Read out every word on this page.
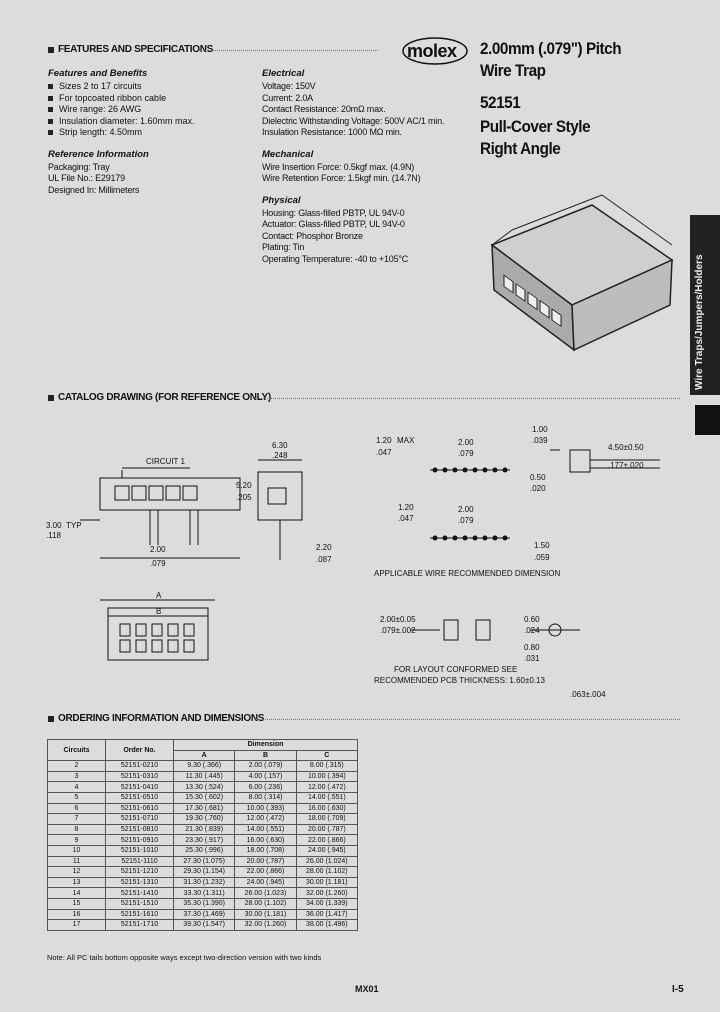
FEATURES AND SPECIFICATIONS	molex 2.00mm (.079") Pitch
Wire Trap
52151
Pull-Cover Style
Right Angle
Features and Benefits
Sizes 2 to 17 circuits
For topcoated ribbon cable
Wire range: 26 AWG
Insulation diameter: 1.60mm max.
Strip length: 4.50mm
Reference Information
Packaging: Tray
UL File No.: E29179
Designed In: Millimeters
Electrical
Voltage: 150V
Current: 2.0A
Contact Resistance: 20mΩ max.
Dielectric Withstanding Voltage: 500V AC/1 min.
Insulation Resistance: 1000 MΩ min.
Mechanical
Wire Insertion Force: 0.5kgf max. (4.9N)
Wire Retention Force: 1.5kgf min. (14.7N)
Physical
Housing: Glass-filled PBTP, UL 94V-0
Actuator: Glass-filled PBTP, UL 94V-0
Contact: Phosphor Bronze
Plating: Tin
Operating Temperature: -40 to +105°C	Wire Traps/Jumpers/Holders
CATALOG DRAWING (FOR REFERENCE ONLY)
CIRCUIT 1
3.00 TYP
.118
2.00
.079
6.30
.248
5.20
.205
2.20
.087
A
B
1.20 MAX
.047
2.00
.079
1.00
.039
4.50±0.50
.177±.020
0.50
.020
1.20
.047
2.00
.079
1.50
.059
APPLICABLE WIRE RECOMMENDED DIMENSION
2.00±0.05
.079±.002
0.60
.024
0.80
.031
FOR LAYOUT CONFORMED SEE
RECOMMENDED PCB THICKNESS: 1.60±0.13
.063±.004
ORDERING INFORMATION AND DIMENSIONS
Circuits	Order No.	Dimension		
		A	B	C
2	52151-0210	9.30 (.366)	2.00 (.079)	8.00 (.315)
3	52151-0310	11.30 (.445)	4.00 (.157)	10.00 (.394)
4	52151-0410	13.30 (.524)	6.00 (.236)	12.00 (.472)
5	52151-0510	15.30 (.602)	8.00 (.314)	14.00 (.551)
6	52151-0610	17.30 (.681)	10.00 (.393)	16.00 (.630)
7	52151-0710	19.30 (.760)	12.00 (.472)	18.00 (.709)
8	52151-0810	21.30 (.839)	14.00 (.551)	20.00 (.787)
9	52151-0910	23.30 (.917)	16.00 (.630)	22.00 (.866)
10	52151-1010	25.30 (.996)	18.00 (.708)	24.00 (.945)
11	52151-1110	27.30 (1.075)	20.00 (.787)	26.00 (1.024)
12	52151-1210	29.30 (1.154)	22.00 (.866)	28.00 (1.102)
13	52151-1310	31.30 (1.232)	24.00 (.945)	30.00 (1.181)
14	52151-1410	33.30 (1.311)	26.00 (1.023)	32.00 (1.260)
15	52151-1510	35.30 (1.390)	28.00 (1.102)	34.00 (1.339)
16	52151-1610	37.30 (1.469)	30.00 (1.181)	36.00 (1.417)
17	52151-1710	39.30 (1.547)	32.00 (1.260)	38.00 (1.496)
Note: All PC tails bottom opposite ways except two-direction version with two kinds
MX01	I-5
